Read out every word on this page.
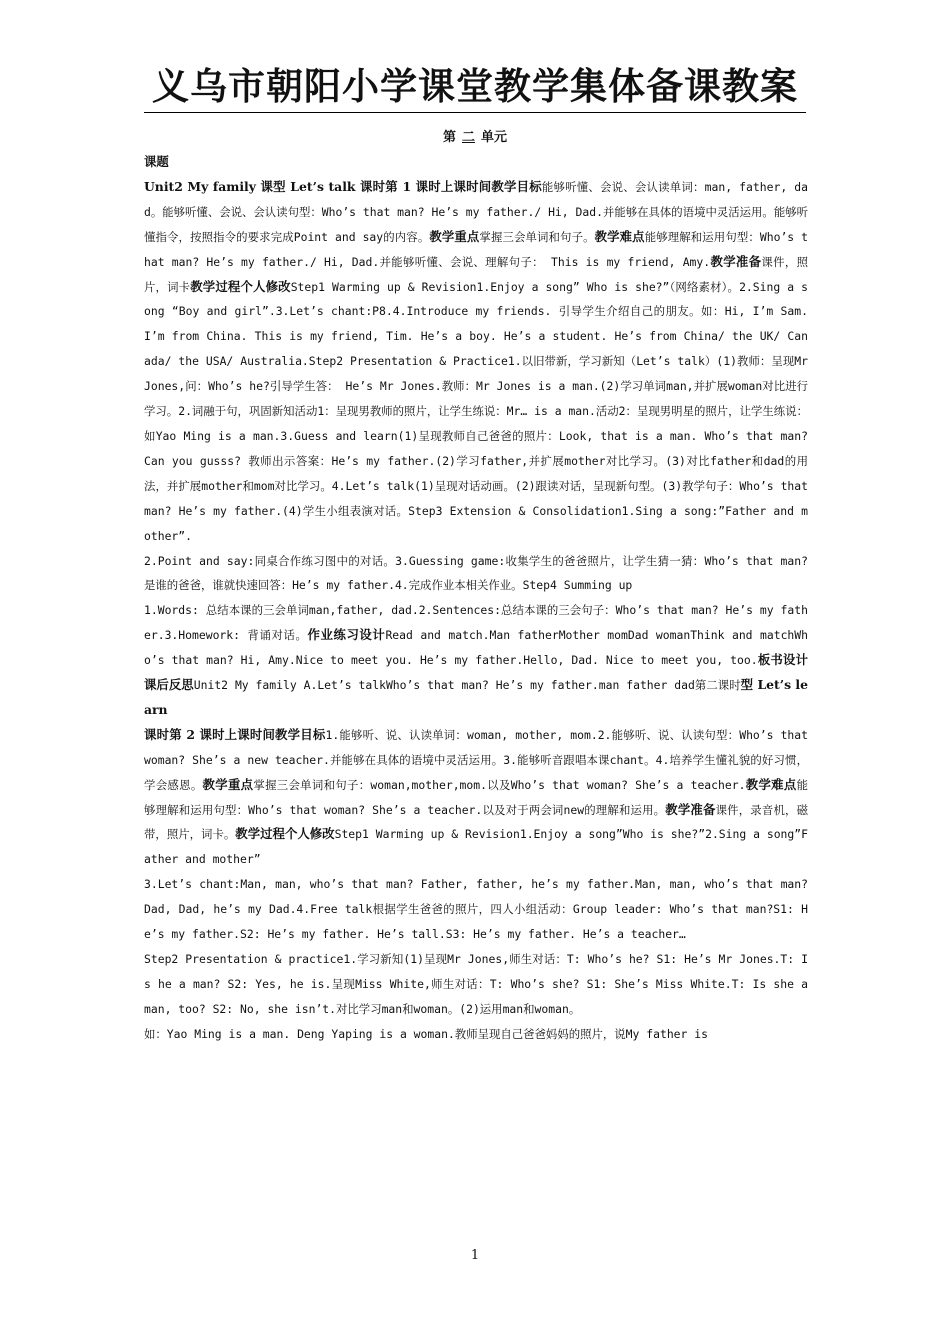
义乌市朝阳小学课堂教学集体备课教案
第 二 单元

课题

Unit2 My family 课型 Let’s talk 课时第 1 课时上课时间教学目标能够听懂、会说、会认读单词：man, father, dad。能够听懂、会说、会认读句型：Who’s that man? He’s my father./ Hi, Dad.并能够在具体的语境中灵活运用。能够听懂指令，按照指令的要求完成Point and say的内容。教学重点掌握三会单词和句子。教学难点能够理解和运用句型：Who’s that man? He’s my father./ Hi, Dad.并能够听懂、会说、理解句子： This is my friend, Amy.教学准备课件，照片，词卡教学过程个人修改Step1 Warming up & Revision1.Enjoy a song” Who is she?”（网络素材）。2.Sing a song “Boy and girl”.3.Let’s chant:P8.4.Introduce my friends. 引导学生介绍自己的朋友。如：Hi, I’m Sam. I’m from China. This is my friend, Tim. He’s a boy. He’s a student. He’s from China/ the UK/ Canada/ the USA/ Australia.Step2 Presentation & Practice1.以旧带新，学习新知（Let’s talk）(1)教师：呈现Mr Jones,问：Who’s he?引导学生答： He’s Mr Jones.教师：Mr Jones is a man.(2)学习单词man,并扩展woman对比进行学习。2.词融于句，巩固新知活动1：呈现男教师的照片，让学生练说：Mr… is a man.活动2：呈现男明星的照片，让学生练说：如Yao Ming is a man.3.Guess and learn(1)呈现教师自己爸爸的照片：Look, that is a man. Who’s that man? Can you gusss? 教师出示答案：He’s my father.(2)学习father,并扩展mother对比学习。(3)对比father和dad的用法，并扩展mother和mom对比学习。4.Let’s talk(1)呈现对话动画。(2)跟读对话，呈现新句型。(3)教学句子：Who’s that man? He’s my father.(4)学生小组表演对话。Step3 Extension & Consolidation1.Sing a song:”Father and mother”.

2.Point and say:同桌合作练习图中的对话。3.Guessing game:收集学生的爸爸照片，让学生猜一猜：Who’s that man?是谁的爸爸，谁就快速回答：He’s my father.4.完成作业本相关作业。Step4 Summing up

1.Words: 总结本课的三会单词man,father, dad.2.Sentences:总结本课的三会句子：Who’s that man? He’s my father.3.Homework: 背诵对话。作业练习设计Read and match.Man fatherMother momDad womanThink and matchWho’s that man? Hi, Amy.Nice to meet you. He’s my father.Hello, Dad. Nice to meet you, too.板书设计课后反思Unit2 My family A.Let’s talkWho’s that man? He’s my father.man father dad第二课时型 Let’s learn

课时第 2 课时上课时间教学目标1.能够听、说、认读单词：woman, mother, mom.2.能够听、说、认读句型：Who’s that woman? She’s a new teacher.并能够在具体的语境中灵活运用。3.能够听音跟唱本课chant。4.培养学生懂礼貌的好习惯，学会感恩。教学重点掌握三会单词和句子：woman,mother,mom.以及Who’s that woman? She’s a teacher.教学难点能够理解和运用句型：Who’s that woman? She’s a teacher.以及对于两会词new的理解和运用。教学准备课件，录音机，磁带，照片，词卡。教学过程个人修改Step1 Warming up & Revision1.Enjoy a song”Who is she?”2.Sing a song”Father and mother”

3.Let’s chant:Man, man, who’s that man? Father, father, he’s my father.Man, man, who’s that man? Dad, Dad, he’s my Dad.4.Free talk根据学生爸爸的照片，四人小组活动：Group leader: Who’s that man?S1: He’s my father.S2: He’s my father. He’s tall.S3: He’s my father. He’s a teacher…

Step2 Presentation & practice1.学习新知(1)呈现Mr Jones,师生对话：T: Who’s he? S1: He’s Mr Jones.T: Is he a man? S2: Yes, he is.呈现Miss White,师生对话：T: Who’s she? S1: She’s Miss White.T: Is she a man, too? S2: No, she isn’t.对比学习man和woman。(2)运用man和woman。

如：Yao Ming is a man. Deng Yaping is a woman.教师呈现自己爸爸妈妈的照片，说My father is

1
